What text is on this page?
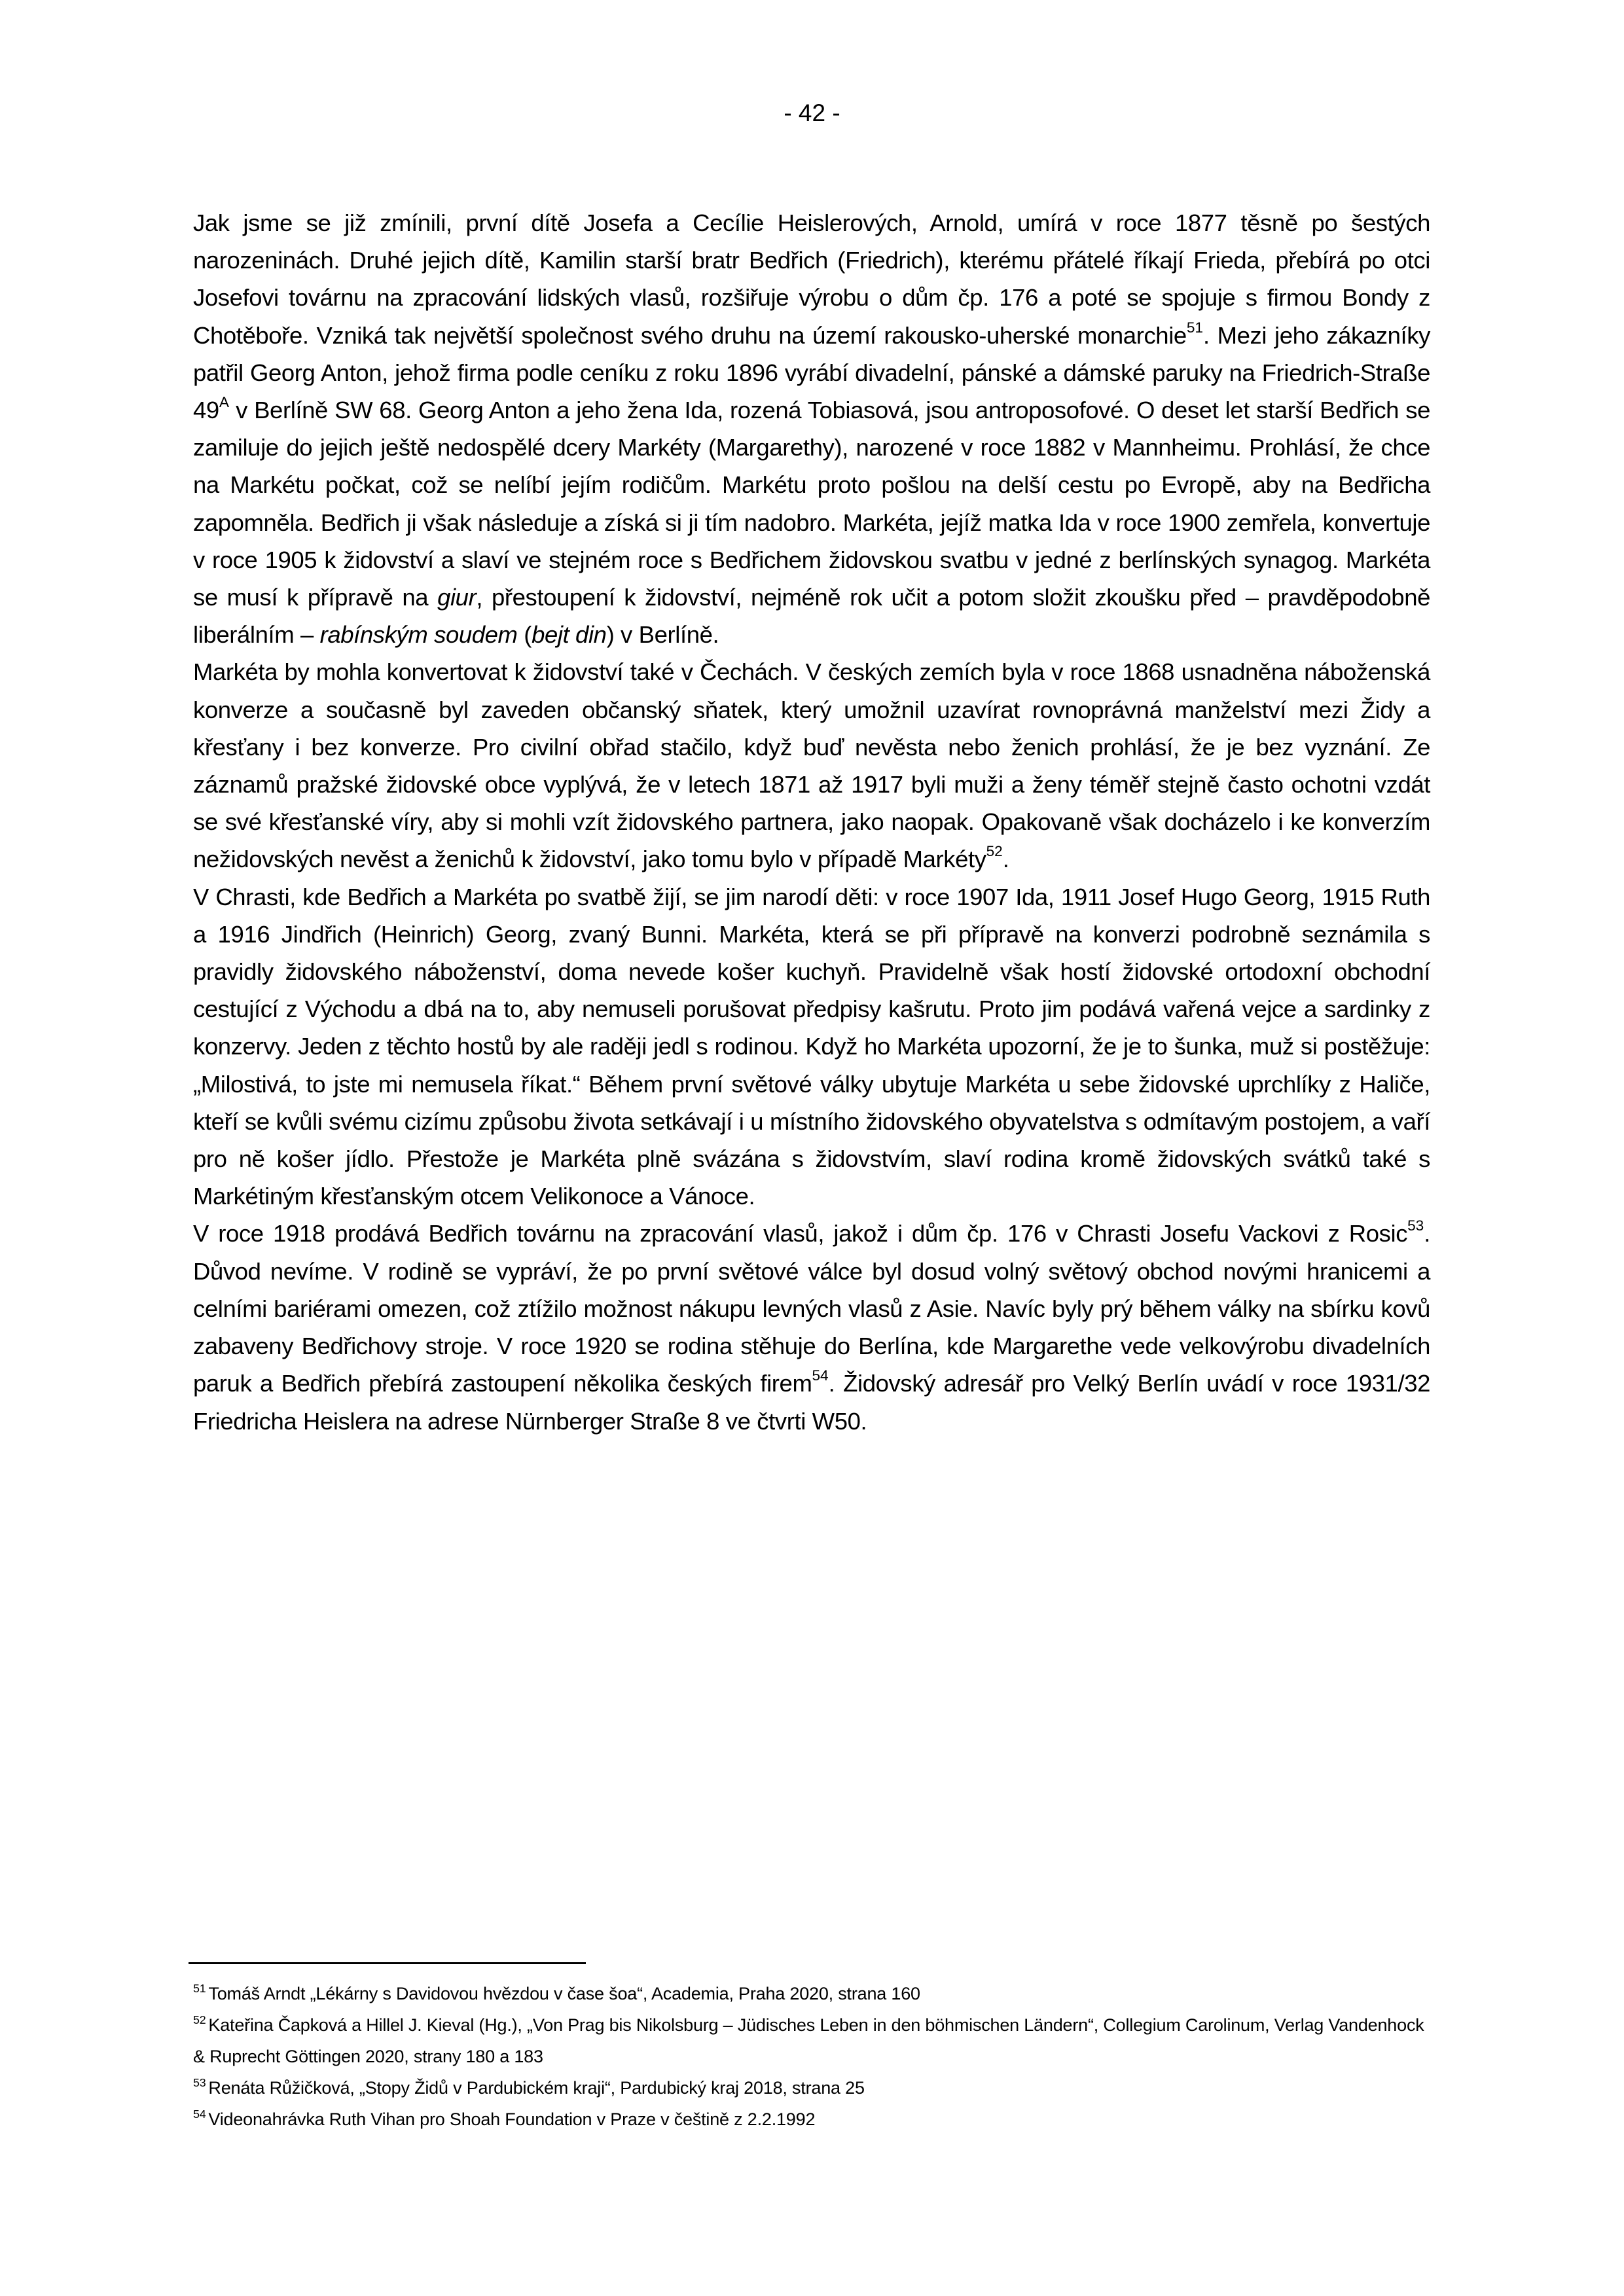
- 42 -

Jak jsme se již zmínili, první dítě Josefa a Cecílie Heislerových, Arnold, umírá v roce 1877 těsně po šestých narozeninách. Druhé jejich dítě, Kamilin starší bratr Bedřich (Friedrich), kterému přátelé říkají Frieda, přebírá po otci Josefovi továrnu na zpracování lidských vlasů, rozšiřuje výrobu o dům čp. 176 a poté se spojuje s firmou Bondy z Chotěboře. Vzniká tak největší společnost svého druhu na území rakousko-uherské monarchie$^{51}$. Mezi jeho zákazníky patřil Georg Anton, jehož firma podle ceníku z roku 1896 vyrábí divadelní, pánské a dámské paruky na Friedrich-Straße $49^A$ v Berlíně SW 68. Georg Anton a jeho žena Ida, rozená Tobiasová, jsou antroposofové. O deset let starší Bedřich se zamiluje do jejich ještě nedospělé dcery Markéty (Margarethy), narozené v roce 1882 v Mannheimu. Prohlásí, že chce na Markétu počkat, což se nelíbí jejím rodičům. Markétu proto pošlou na delší cestu po Evropě, aby na Bedřicha zapomněla. Bedřich ji však následuje a získá si ji tím nadobro. Markéta, jejíž matka Ida v roce 1900 zemřela, konvertuje v roce 1905 k židovství a slaví ve stejném roce s Bedřichem židovskou svatbu v jedné z berlínských synagog. Markéta se musí k přípravě na giur, přestoupení k židovství, nejméně rok učit a potom složit zkoušku před – pravděpodobně liberálním – rabínským soudem (bejt din) v Berlíně.

Markéta by mohla konvertovat k židovství také v Čechách. V českých zemích byla v roce 1868 usnadněna náboženská konverze a současně byl zaveden občanský sňatek, který umožnil uzavírat rovnoprávná manželství mezi Židy a křesťany i bez konverze. Pro civilní obřad stačilo, když buď nevěsta nebo ženich prohlásí, že je bez vyznání. Ze záznamů pražské židovské obce vyplývá, že v letech 1871 až 1917 byli muži a ženy téměř stejně často ochotni vzdát se své křesťanské víry, aby si mohli vzít židovského partnera, jako naopak. Opakovaně však docházelo i ke konverzím nežidovských nevěst a ženichů k židovství, jako tomu bylo v případě Markéty$^{52}$.

V Chrasti, kde Bedřich a Markéta po svatbě žijí, se jim narodí děti: v roce 1907 Ida, 1911 Josef Hugo Georg, 1915 Ruth a 1916 Jindřich (Heinrich) Georg, zvaný Bunni. Markéta, která se při přípravě na konverzi podrobně seznámila s pravidly židovského náboženství, doma nevede košer kuchyň. Pravidelně však hostí židovské ortodoxní obchodní cestující z Východu a dbá na to, aby nemuseli porušovat předpisy kašrutu. Proto jim podává vařená vejce a sardinky z konzervy. Jeden z těchto hostů by ale raději jedl s rodinou. Když ho Markéta upozorní, že je to šunka, muž si postěžuje: „Milostivá, to jste mi nemusela říkat.“ Během první světové války ubytuje Markéta u sebe židovské uprchlíky z Haliče, kteří se kvůli svému cizímu způsobu života setkávají i u místního židovského obyvatelstva s odmítavým postojem, a vaří pro ně košer jídlo. Přestože je Markéta plně svázána s židovstvím, slaví rodina kromě židovských svátků také s Markétiným křesťanským otcem Velikonoce a Vánoce.

V roce 1918 prodává Bedřich továrnu na zpracování vlasů, jakož i dům čp. 176 v Chrasti Josefu Vackovi z Rosic$^{53}$. Důvod nevíme. V rodině se vypráví, že po první světové válce byl dosud volný světový obchod novými hranicemi a celními bariérami omezen, což ztížilo možnost nákupu levných vlasů z Asie. Navíc byly prý během války na sbírku kovů zabaveny Bedřichovy stroje. V roce 1920 se rodina stěhuje do Berlína, kde Margarethe vede velkovýrobu divadelních paruk a Bedřich přebírá zastoupení několika českých firem$^{54}$. Židovský adresář pro Velký Berlín uvádí v roce 1931/32 Friedricha Heislera na adrese Nürnberger Straße 8 ve čtvrti W50.

$^{51}$ Tomáš Arndt „Lékárny s Davidovou hvězdou v čase šoa“, Academia, Praha 2020, strana 160

$^{52}$ Kateřina Čapková a Hillel J. Kieval (Hg.), „Von Prag bis Nikolsburg – Jüdisches Leben in den böhmischen Ländern“, Collegium Carolinum, Verlag Vandenhock & Ruprecht Göttingen 2020, strany 180 a 183

$^{53}$ Renáta Růžičková, „Stopy Židů v Pardubickém kraji“, Pardubický kraj 2018, strana 25

$^{54}$ Videonahrávka Ruth Vihan pro Shoah Foundation v Praze v češtině z 2.2.1992
